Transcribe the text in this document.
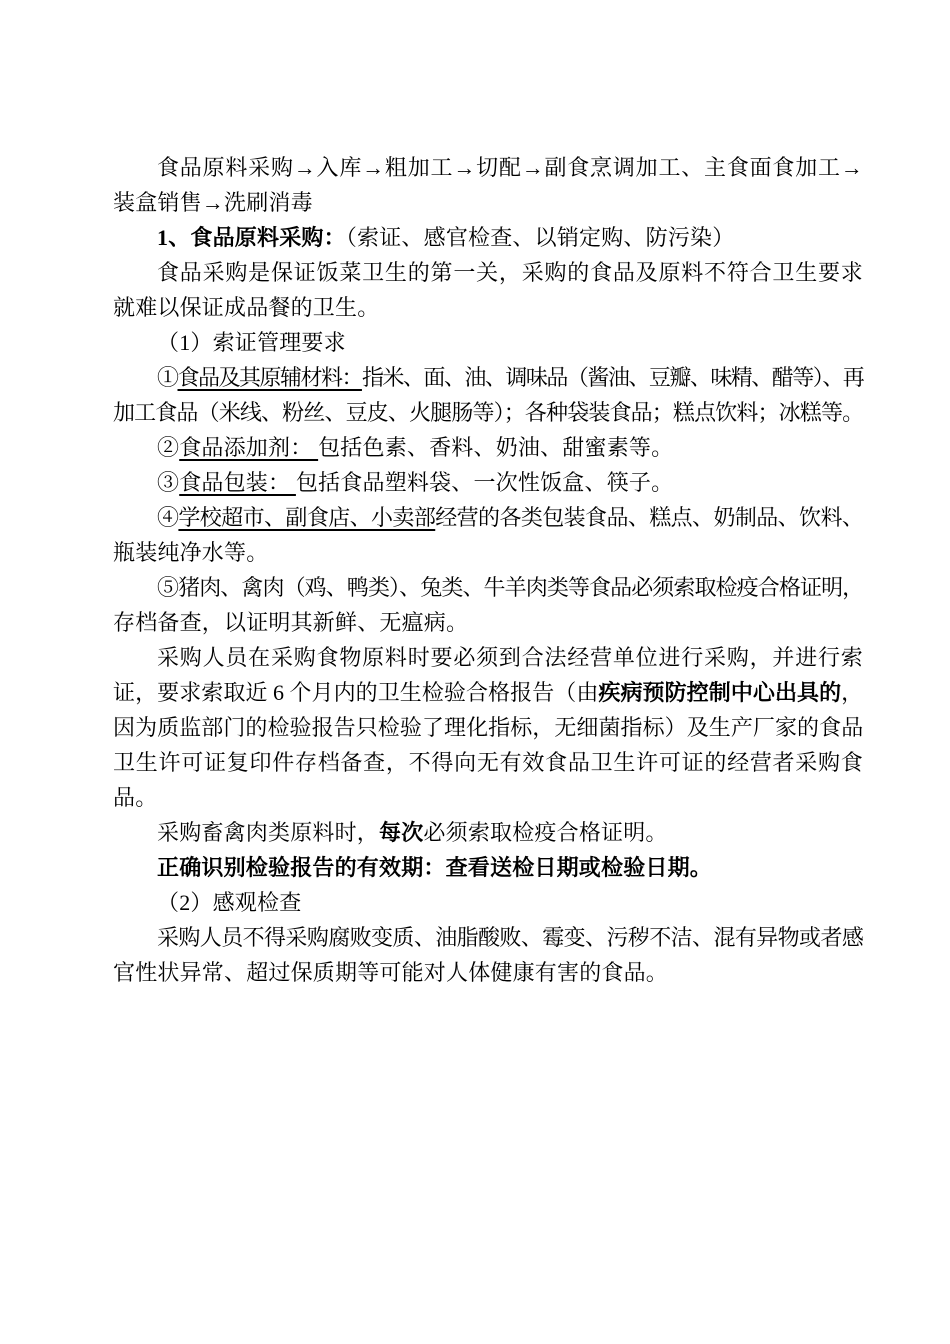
食品原料采购→入库→粗加工→切配→副食烹调加工、主食面食加工→
装盒销售→洗刷消毒
1、食品原料采购：（索证、感官检查、以销定购、防污染）
食品采购是保证饭菜卫生的第一关，采购的食品及原料不符合卫生要求
就难以保证成品餐的卫生。
（1）索证管理要求
①食品及其原辅材料：指米、面、油、调味品（酱油、豆瓣、味精、醋等）、再
加工食品（米线、粉丝、豆皮、火腿肠等）；各种袋装食品；糕点饮料；冰糕等。
②食品添加剂： 包括色素、香料、奶油、甜蜜素等。
③食品包装： 包括食品塑料袋、一次性饭盒、筷子。
④学校超市、副食店、小卖部经营的各类包装食品、糕点、奶制品、饮料、
瓶装纯净水等。
⑤猪肉、禽肉（鸡、鸭类）、兔类、牛羊肉类等食品必须索取检疫合格证明，
存档备查，以证明其新鲜、无瘟病。
采购人员在采购食物原料时要必须到合法经营单位进行采购，并进行索
证，要求索取近 6 个月内的卫生检验合格报告（由疾病预防控制中心出具的，
因为质监部门的检验报告只检验了理化指标，无细菌指标）及生产厂家的食品
卫生许可证复印件存档备查，不得向无有效食品卫生许可证的经营者采购食
品。
采购畜禽肉类原料时，每次必须索取检疫合格证明。
正确识别检验报告的有效期：查看送检日期或检验日期。
（2）感观检查
采购人员不得采购腐败变质、油脂酸败、霉变、污秽不洁、混有异物或者感
官性状异常、超过保质期等可能对人体健康有害的食品。
